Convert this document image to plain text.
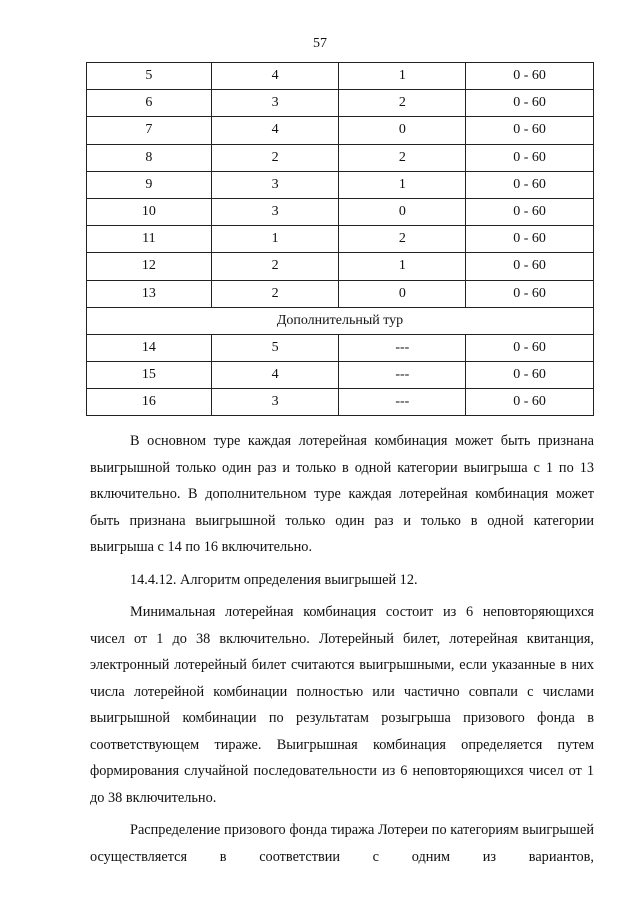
57
5	4	1	0 - 60
6	3	2	0 - 60
7	4	0	0 - 60
8	2	2	0 - 60
9	3	1	0 - 60
10	3	0	0 - 60
11	1	2	0 - 60
12	2	1	0 - 60
13	2	0	0 - 60
Дополнительный тур			
14	5	---	0 - 60
15	4	---	0 - 60
16	3	---	0 - 60

В основном туре каждая лотерейная комбинация может быть признана выигрышной только один раз и только в одной категории выигрыша с 1 по 13 включительно. В дополнительном туре каждая лотерейная комбинация может быть признана выигрышной только один раз и только в одной категории выигрыша с 14 по 16 включительно.

14.4.12. Алгоритм определения выигрышей 12.

Минимальная лотерейная комбинация состоит из 6 неповторяющихся чисел от 1 до 38 включительно. Лотерейный билет, лотерейная квитанция, электронный лотерейный билет считаются выигрышными, если указанные в них числа лотерейной комбинации полностью или частично совпали с числами выигрышной комбинации по результатам розыгрыша призового фонда в соответствующем тираже. Выигрышная комбинация определяется путем формирования случайной последовательности из 6 неповторяющихся чисел от 1 до 38 включительно.

Распределение призового фонда тиража Лотереи по категориям выигрышей осуществляется в соответствии с одним из вариантов,
